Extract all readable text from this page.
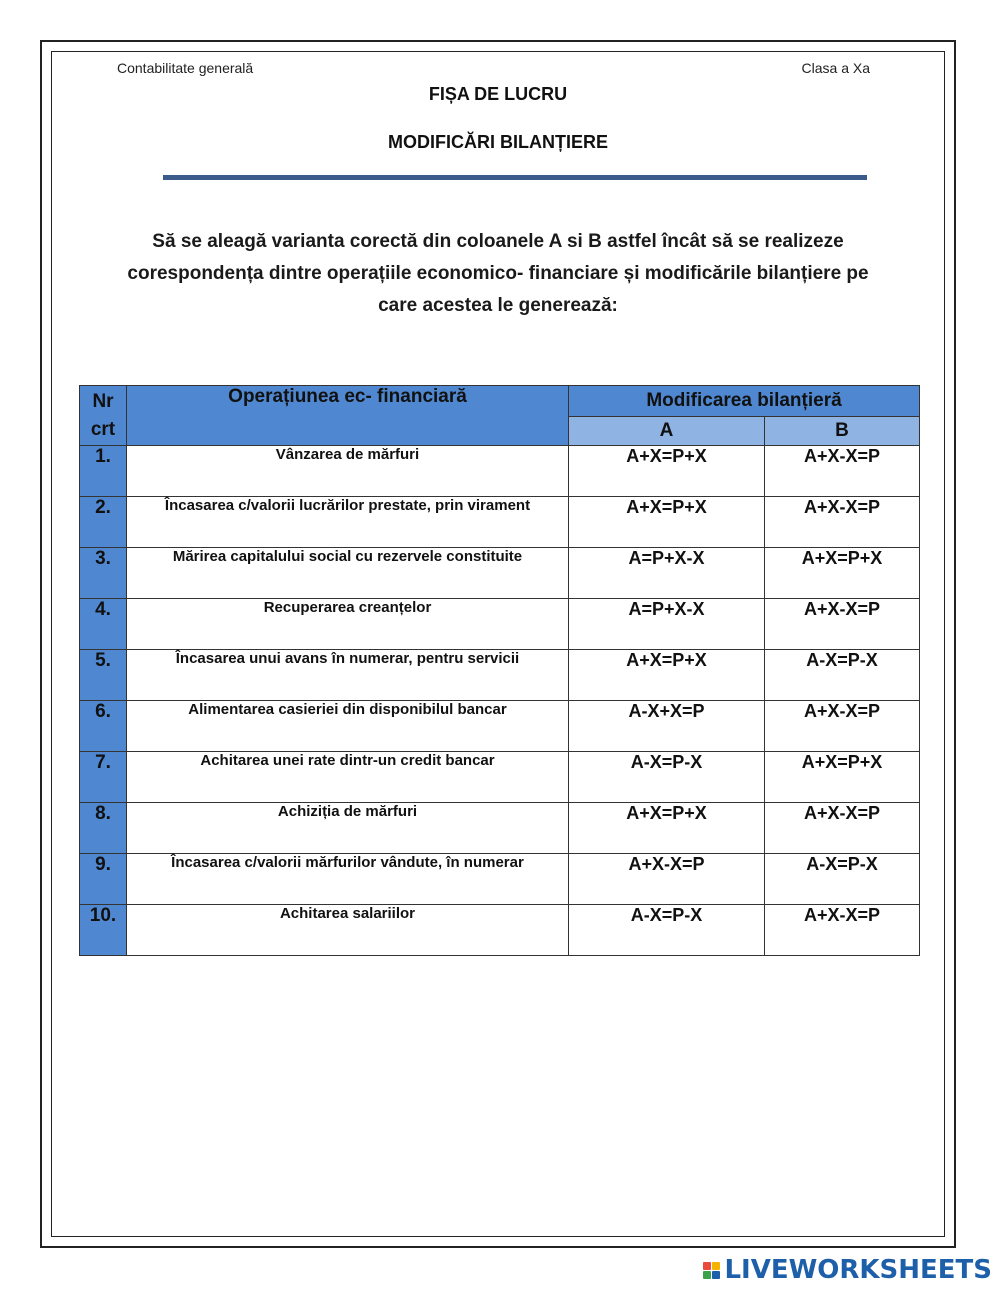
Contabilitate generală	Clasa a Xa
FIȘA DE LUCRU
MODIFICĂRI BILANȚIERE
Să se aleagă varianta corectă din coloanele A si B astfel încât să se realizeze corespondența dintre operațiile economico- financiare și modificările bilanțiere pe care acestea le generează:
Nr crt	Operațiunea ec- financiară	Modificarea bilanțieră	
		A	B
1.	Vânzarea de mărfuri	A+X=P+X	A+X-X=P
2.	Încasarea c/valorii lucrărilor prestate, prin virament	A+X=P+X	A+X-X=P
3.	Mărirea capitalului social cu rezervele constituite	A=P+X-X	A+X=P+X
4.	Recuperarea creanțelor	A=P+X-X	A+X-X=P
5.	Încasarea unui avans în numerar, pentru servicii	A+X=P+X	A-X=P-X
6.	Alimentarea casieriei din disponibilul bancar	A-X+X=P	A+X-X=P
7.	Achitarea unei rate dintr-un credit bancar	A-X=P-X	A+X=P+X
8.	Achiziția de mărfuri	A+X=P+X	A+X-X=P
9.	Încasarea c/valorii mărfurilor vândute, în numerar	A+X-X=P	A-X=P-X
10.	Achitarea salariilor	A-X=P-X	A+X-X=P
LIVEWORKSHEETS
